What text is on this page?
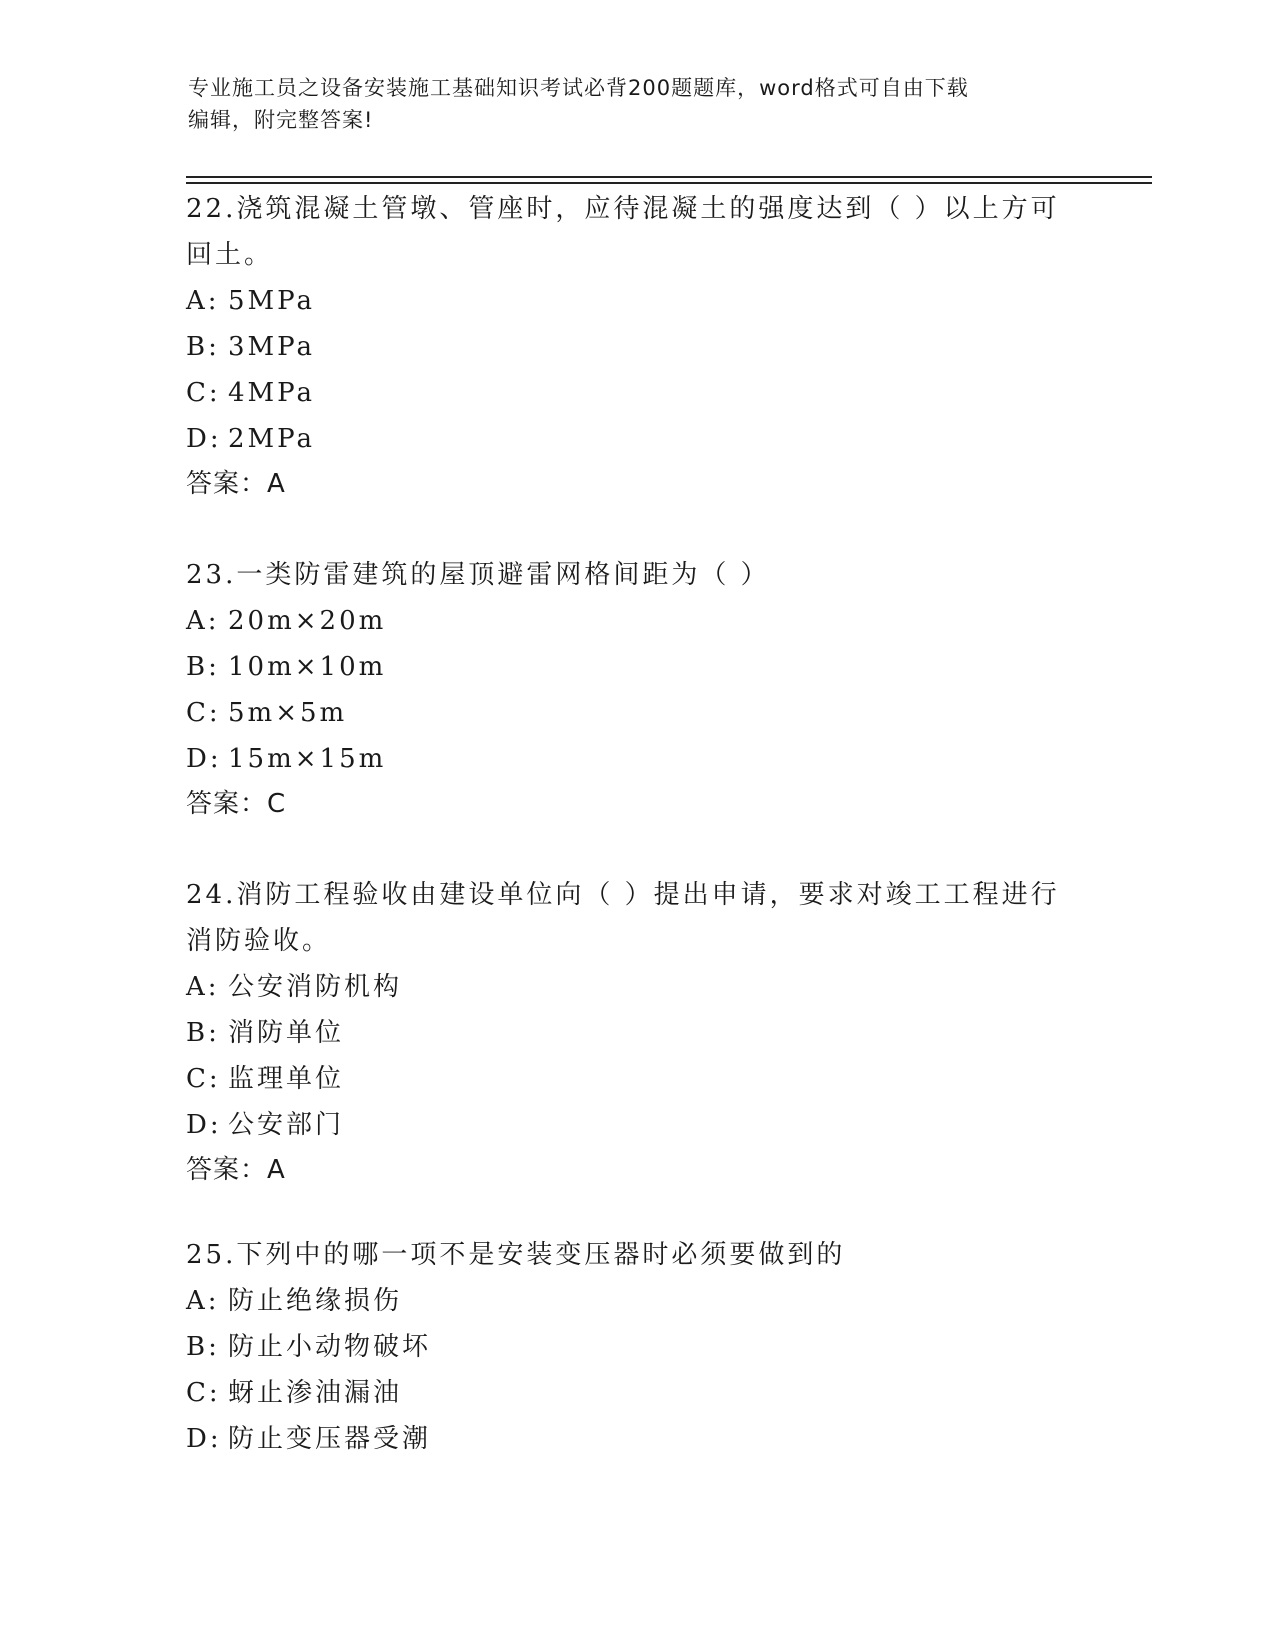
专业施工员之设备安装施工基础知识考试必背200题题库，word格式可自由下载
编辑，附完整答案!

22.浇筑混凝土管墩、管座时，应待混凝土的强度达到（ ）以上方可

回土。

A: 5MPa

B: 3MPa

C: 4MPa

D: 2MPa

答案：A

23.一类防雷建筑的屋顶避雷网格间距为（ ）

A: 20m×20m

B: 10m×10m

C: 5m×5m

D: 15m×15m

答案：C

24.消防工程验收由建设单位向（ ）提出申请，要求对竣工工程进行

消防验收。

A: 公安消防机构

B: 消防单位

C: 监理单位

D: 公安部门

答案：A

25.下列中的哪一项不是安装变压器时必须要做到的

A: 防止绝缘损伤

B: 防止小动物破坏

C: 蚜止渗油漏油

D: 防止变压器受潮
